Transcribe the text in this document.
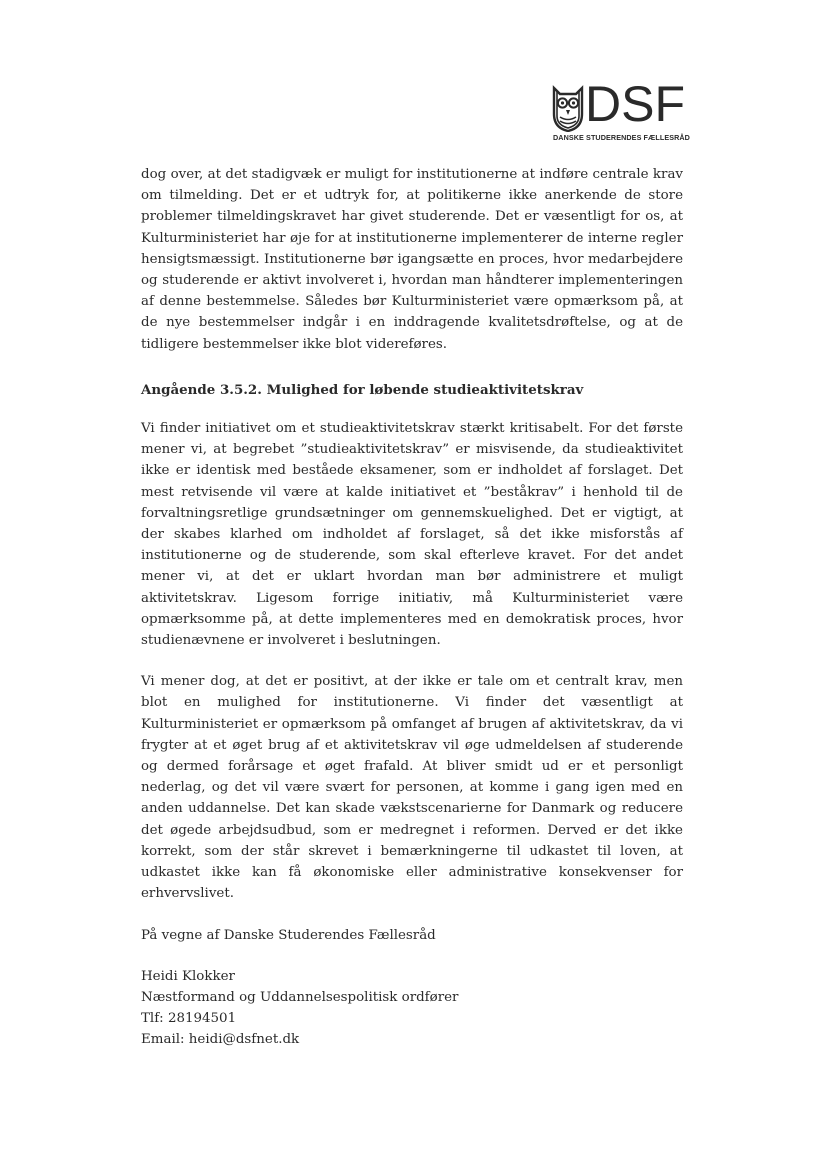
DSF
DANSKE STUDERENDES FÆLLESRÅD

dog over, at det stadigvæk er muligt for institutionerne at indføre centrale krav om tilmelding. Det er et udtryk for, at politikerne ikke anerkende de store problemer tilmeldingskravet har givet studerende. Det er væsentligt for os, at Kulturministeriet har øje for at institutionerne implementerer de interne regler hensigtsmæssigt. Institutionerne bør igangsætte en proces, hvor medarbejdere og studerende er aktivt involveret i, hvordan man håndterer implementeringen af denne bestemmelse. Således bør Kulturministeriet være opmærksom på, at de nye bestemmelser indgår i en inddragende kvalitetsdrøftelse, og at de tidligere bestemmelser ikke blot videreføres.

Angående 3.5.2. Mulighed for løbende studieaktivitetskrav

Vi finder initiativet om et studieaktivitetskrav stærkt kritisabelt. For det første mener vi, at begrebet ”studieaktivitetskrav” er misvisende, da studieaktivitet ikke er identisk med beståede eksamener, som er indholdet af forslaget. Det mest retvisende vil være at kalde initiativet et ”beståkrav” i henhold til de forvaltningsretlige grundsætninger om gennemskuelighed. Det er vigtigt, at der skabes klarhed om indholdet af forslaget, så det ikke misforstås af institutionerne og de studerende, som skal efterleve kravet. For det andet mener vi, at det er uklart hvordan man bør administrere et muligt aktivitetskrav. Ligesom forrige initiativ, må Kulturministeriet være opmærksomme på, at dette implementeres med en demokratisk proces, hvor studienævnene er involveret i beslutningen.

Vi mener dog, at det er positivt, at der ikke er tale om et centralt krav, men blot en mulighed for institutionerne. Vi finder det væsentligt at Kulturministeriet er opmærksom på omfanget af brugen af aktivitetskrav, da vi frygter at et øget brug af et aktivitetskrav vil øge udmeldelsen af studerende og dermed forårsage et øget frafald. At bliver smidt ud er et personligt nederlag, og det vil være svært for personen, at komme i gang igen med en anden uddannelse. Det kan skade vækstscenarierne for Danmark og reducere det øgede arbejdsudbud, som er medregnet i reformen. Derved er det ikke korrekt, som der står skrevet i bemærkningerne til udkastet til loven, at udkastet ikke kan få økonomiske eller administrative konsekvenser for erhvervslivet.

På vegne af Danske Studerendes Fællesråd
Heidi Klokker
Næstformand og Uddannelsespolitisk ordfører
Tlf: 28194501
Email: heidi@dsfnet.dk
